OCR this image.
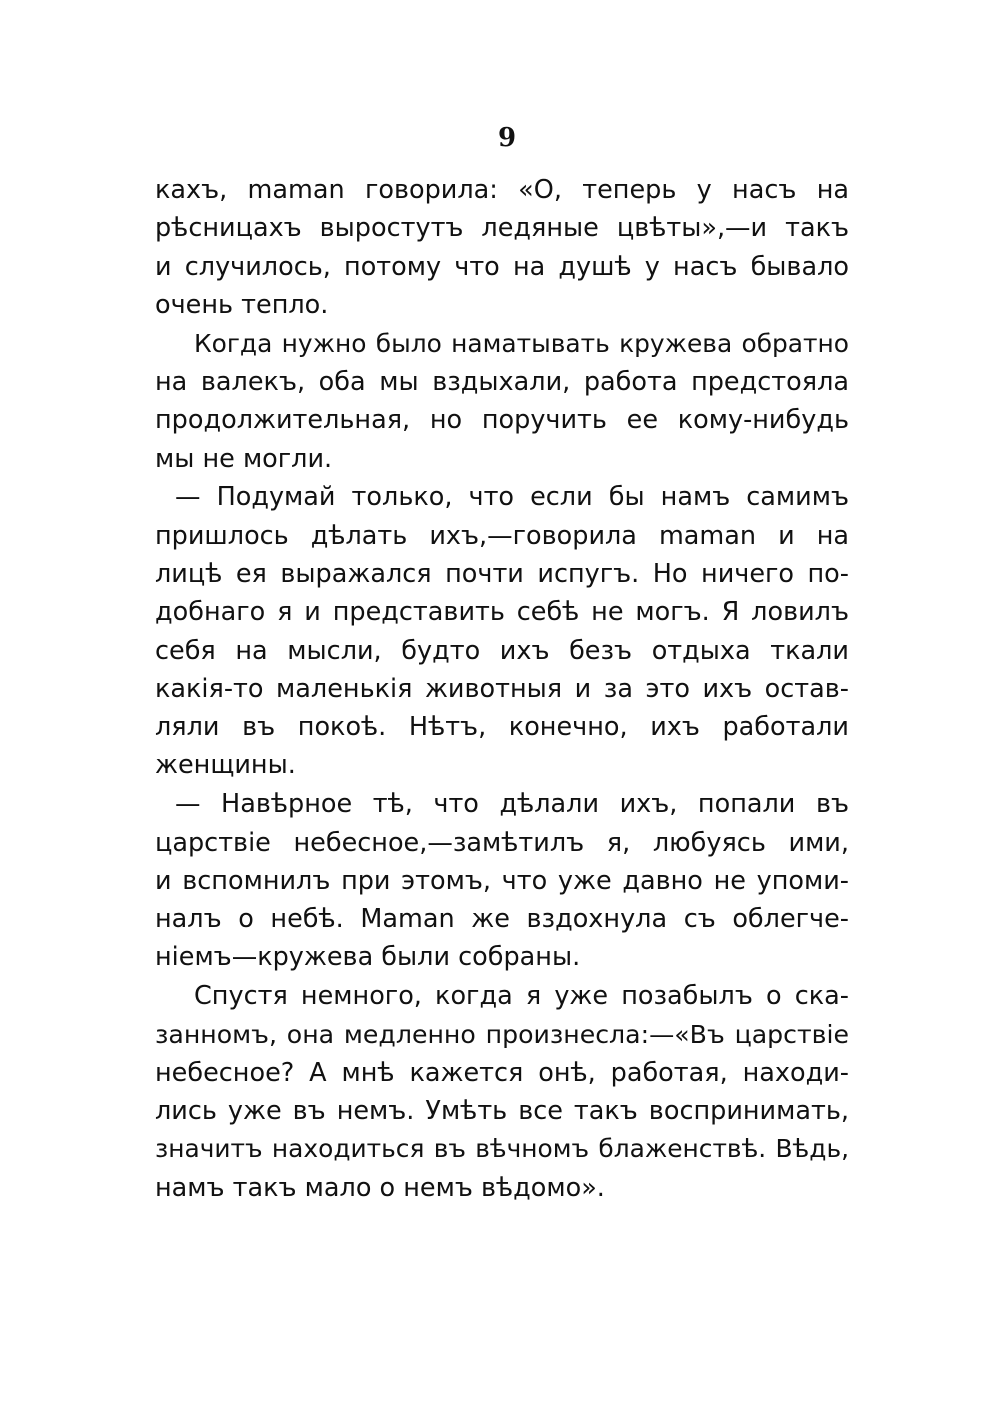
9
кахъ, maman говорила: «О, теперь у насъ на
рѣсницахъ выростутъ ледяные цвѣты»,—и такъ
и случилось, потому что на душѣ у насъ бывало
очень тепло.
Когда нужно было наматывать кружева обратно
на валекъ, оба мы вздыхали, работа предстояла
продолжительная, но поручить ее кому-нибудь
мы не могли.
— Подумай только, что если бы намъ самимъ
пришлось дѣлать ихъ,—говорила maman и на
лицѣ ея выражался почти испугъ. Но ничего по-
добнаго я и представить себѣ не могъ. Я ловилъ
себя на мысли, будто ихъ безъ отдыха ткали
какія-то маленькія животныя и за это ихъ остав-
ляли въ покоѣ. Нѣтъ, конечно, ихъ работали
женщины.
— Навѣрное тѣ, что дѣлали ихъ, попали въ
царствіе небесное,—замѣтилъ я, любуясь ими,
и вспомнилъ при этомъ, что уже давно не упоми-
налъ о небѣ. Maman же вздохнула съ облегче-
ніемъ—кружева были собраны.
Спустя немного, когда я уже позабылъ о ска-
занномъ, она медленно произнесла:—«Въ царствіе
небесное? А мнѣ кажется онѣ, работая, находи-
лись уже въ немъ. Умѣть все такъ воспринимать,
значитъ находиться въ вѣчномъ блаженствѣ. Вѣдь,
намъ такъ мало о немъ вѣдомо».
